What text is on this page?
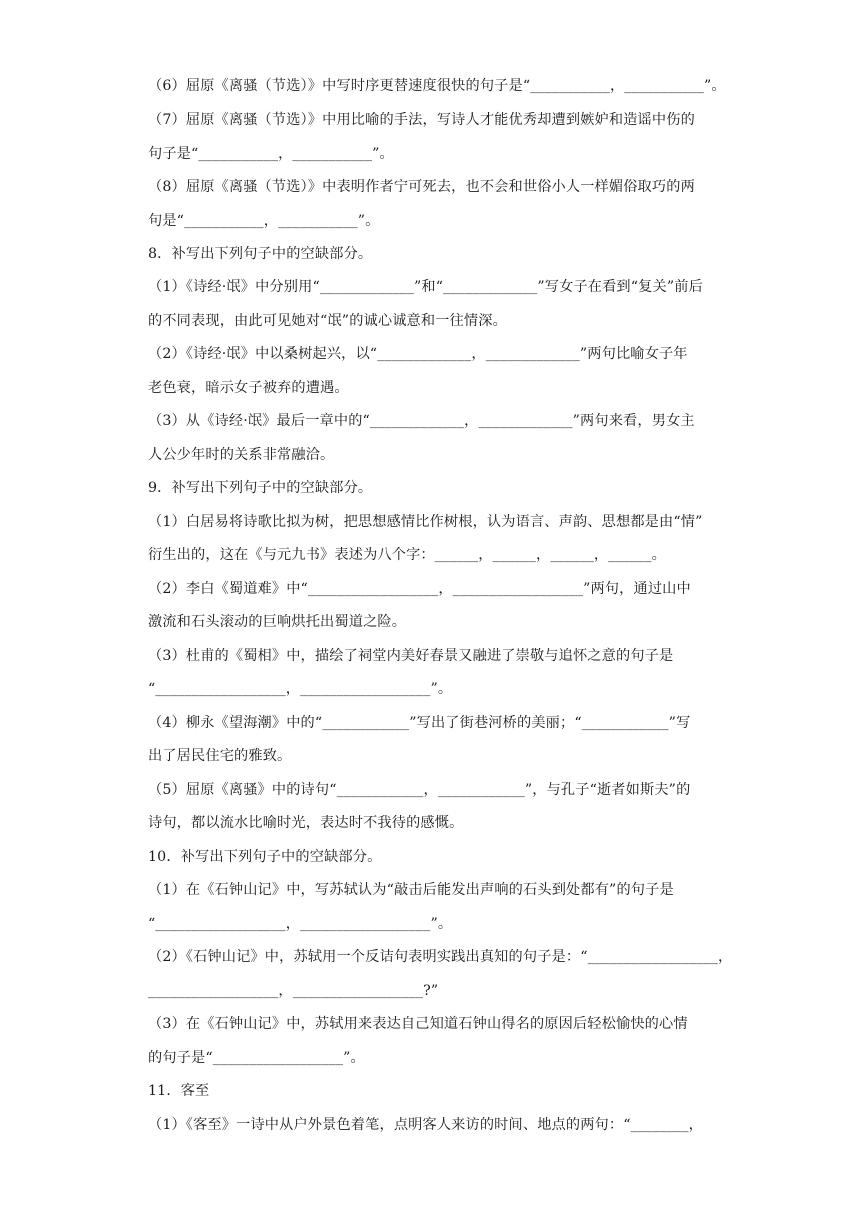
（6）屈原《离骚（节选）》中写时序更替速度很快的句子是“___________，___________”。
（7）屈原《离骚（节选）》中用比喻的手法，写诗人才能优秀却遭到嫉妒和造谣中伤的
句子是“___________，___________”。
（8）屈原《离骚（节选）》中表明作者宁可死去，也不会和世俗小人一样媚俗取巧的两
句是“___________，___________”。
8．补写出下列句子中的空缺部分。
（1）《诗经·氓》中分别用“_____________”和“_____________”写女子在看到“复关”前后
的不同表现，由此可见她对“氓”的诚心诚意和一往情深。
（2）《诗经·氓》中以桑树起兴，以“_____________，_____________”两句比喻女子年
老色衰，暗示女子被弃的遭遇。
（3）从《诗经·氓》最后一章中的“_____________，_____________”两句来看，男女主
人公少年时的关系非常融洽。
9．补写出下列句子中的空缺部分。
（1）白居易将诗歌比拟为树，把思想感情比作树根，认为语言、声韵、思想都是由“情”
衍生出的，这在《与元九书》表述为八个字：______，______，______，______。
（2）李白《蜀道难》中“__________________，__________________”两句，通过山中
激流和石头滚动的巨响烘托出蜀道之险。
（3）杜甫的《蜀相》中，描绘了祠堂内美好春景又融进了崇敬与追怀之意的句子是
“__________________，__________________”。
（4）柳永《望海潮》中的“____________”写出了街巷河桥的美丽；“____________”写
出了居民住宅的雅致。
（5）屈原《离骚》中的诗句“____________，____________”，与孔子“逝者如斯夫”的
诗句，都以流水比喻时光，表达时不我待的感慨。
10．补写出下列句子中的空缺部分。
（1）在《石钟山记》中，写苏轼认为“敲击后能发出声响的石头到处都有”的句子是
“__________________，__________________”。
（2）《石钟山记》中，苏轼用一个反诘句表明实践出真知的句子是：“__________________，
__________________，__________________?”
（3）在《石钟山记》中，苏轼用来表达自己知道石钟山得名的原因后轻松愉快的心情
的句子是“__________________”。
11．客至
（1）《客至》一诗中从户外景色着笔，点明客人来访的时间、地点的两句：“________，
